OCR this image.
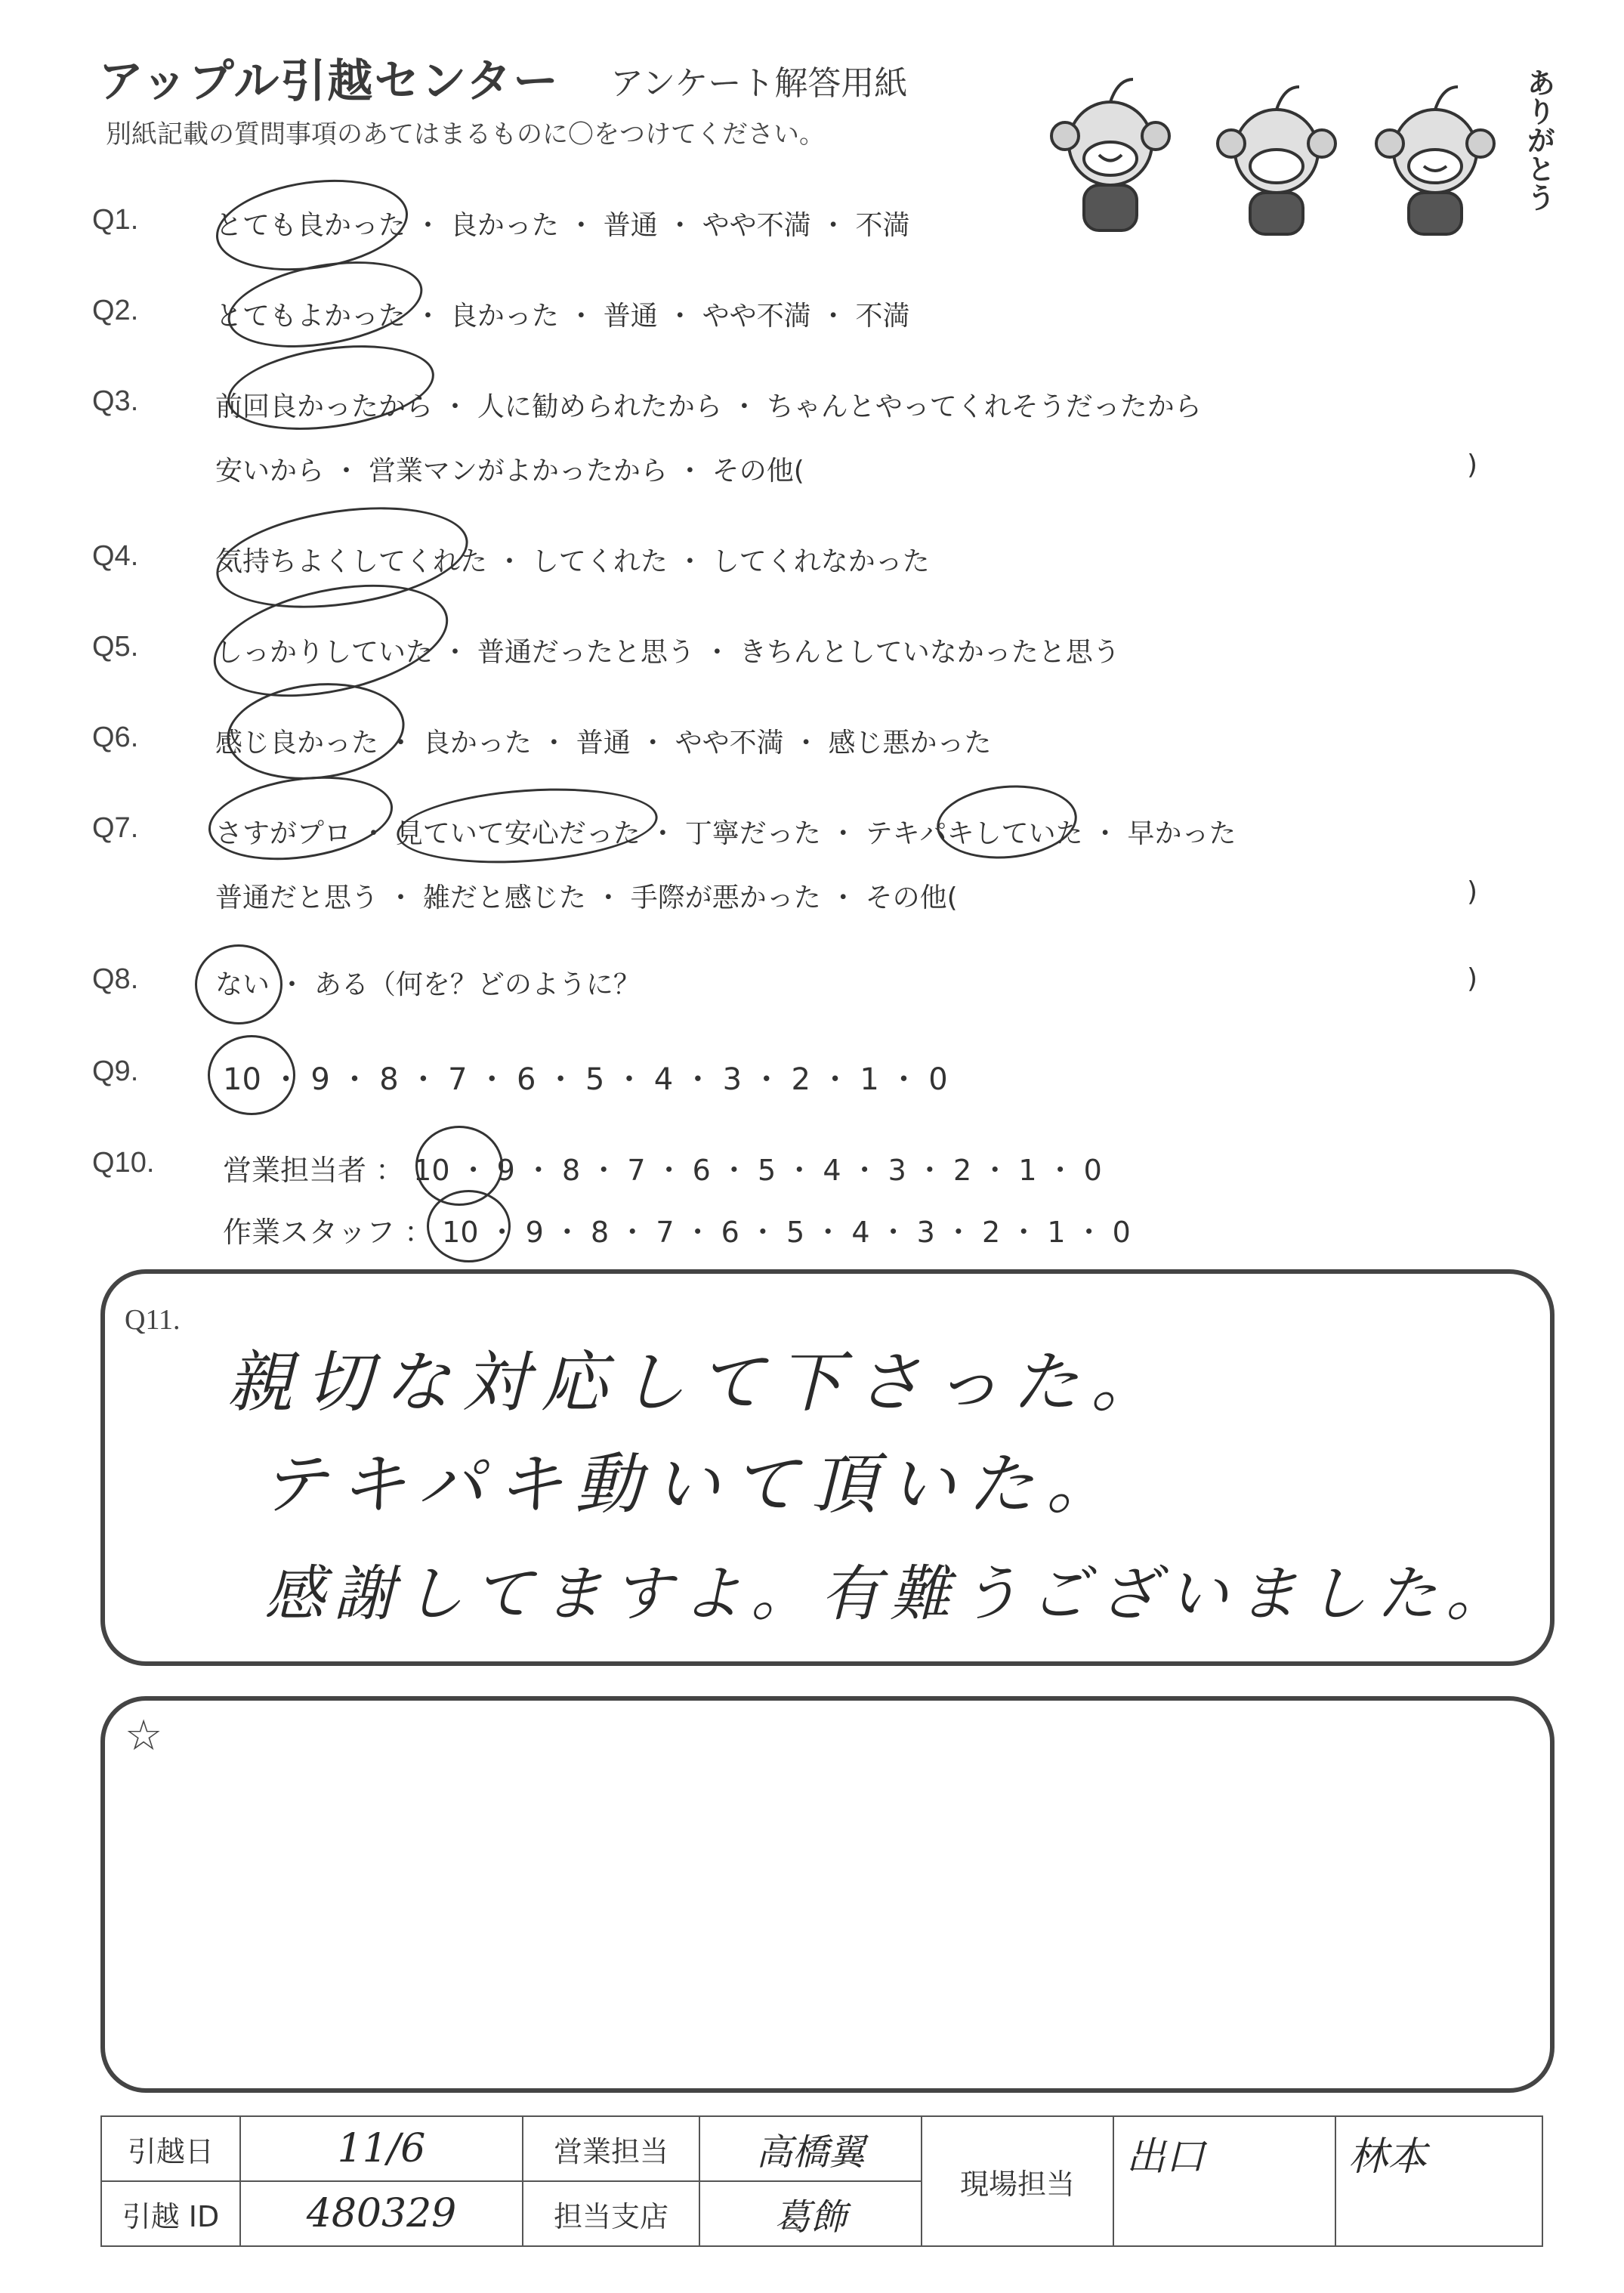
アップル引越センター アンケート解答用紙
別紙記載の質問事項のあてはまるものに〇をつけてください。	ありがとう
Q1.	とても良かった ・ 良かった ・ 普通 ・ やや不満 ・ 不満
Q2.	とてもよかった ・ 良かった ・ 普通 ・ やや不満 ・ 不満
Q3.	前回良かったから ・ 人に勧められたから ・ ちゃんとやってくれそうだったから
安いから ・ 営業マンがよかったから ・ その他(	)
Q4.	気持ちよくしてくれた ・ してくれた ・ してくれなかった
Q5.	しっかりしていた ・ 普通だったと思う ・ きちんとしていなかったと思う
Q6.	感じ良かった ・ 良かった ・ 普通 ・ やや不満 ・ 感じ悪かった
Q7.	さすがプロ ・ 見ていて安心だった ・ 丁寧だった ・ テキパキしていた ・ 早かった
普通だと思う ・ 雑だと感じた ・ 手際が悪かった ・ その他(	)
Q8.	ない ・ ある（何を？どのように？	)
Q9.	10 ・ 9 ・ 8 ・ 7 ・ 6 ・ 5 ・ 4 ・ 3 ・ 2 ・ 1 ・ 0
Q10. 営業担当者 ： 10 ・ 9 ・ 8 ・ 7 ・ 6 ・ 5 ・ 4 ・ 3 ・ 2 ・ 1 ・ 0
作業スタッフ ： 10 ・ 9 ・ 8 ・ 7 ・ 6 ・ 5 ・ 4 ・ 3 ・ 2 ・ 1 ・ 0
Q11.
親切な対応して下さった。
テキパキ動いて頂いた。
感謝してますよ。有難うございました。
☆
引越日	11/6	営業担当	高橋翼	現場担当	出口	林本
引越 ID	480329	担当支店	葛飾			
